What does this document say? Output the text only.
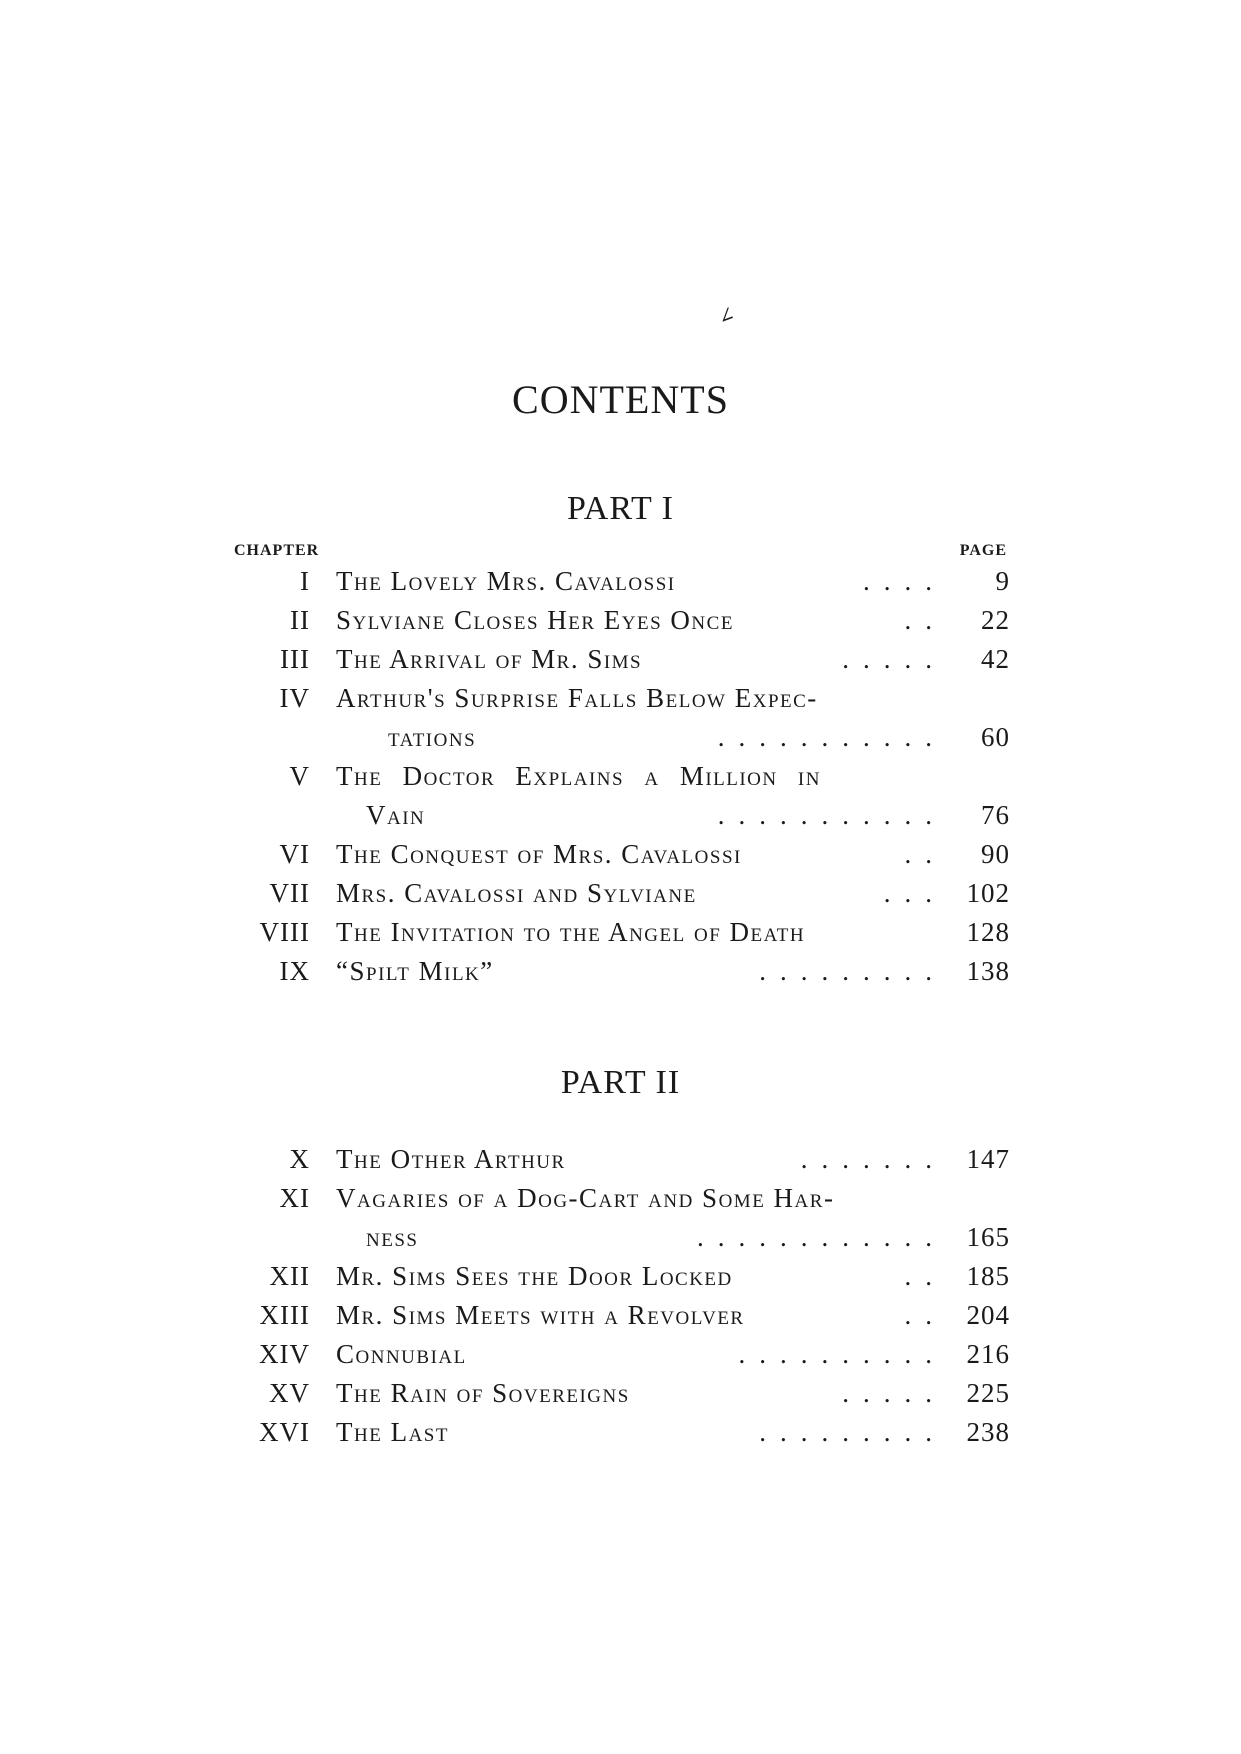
∠
CONTENTS
PART I
CHAPTER	PAGE
I The Lovely Mrs. Cavalossi	.... 9
II Sylviane Closes Her Eyes Once	.. 22
III The Arrival of Mr. Sims	..... 42
IV Arthur's Surprise Falls Below Expec-
tations	........... 60
V The Doctor Explains a Million in
Vain	........... 76
VI The Conquest of Mrs. Cavalossi	.. 90
VII Mrs. Cavalossi and Sylviane	... 102
VIII The Invitation to the Angel of Death	128
IX “Spilt Milk”	......... 138
PART II
X The Other Arthur	....... 147
XI Vagaries of a Dog-Cart and Some Har-
ness	............ 165
XII Mr. Sims Sees the Door Locked	.. 185
XIII Mr. Sims Meets with a Revolver	.. 204
XIV Connubial	.......... 216
XV The Rain of Sovereigns	..... 225
XVI The Last	......... 238
